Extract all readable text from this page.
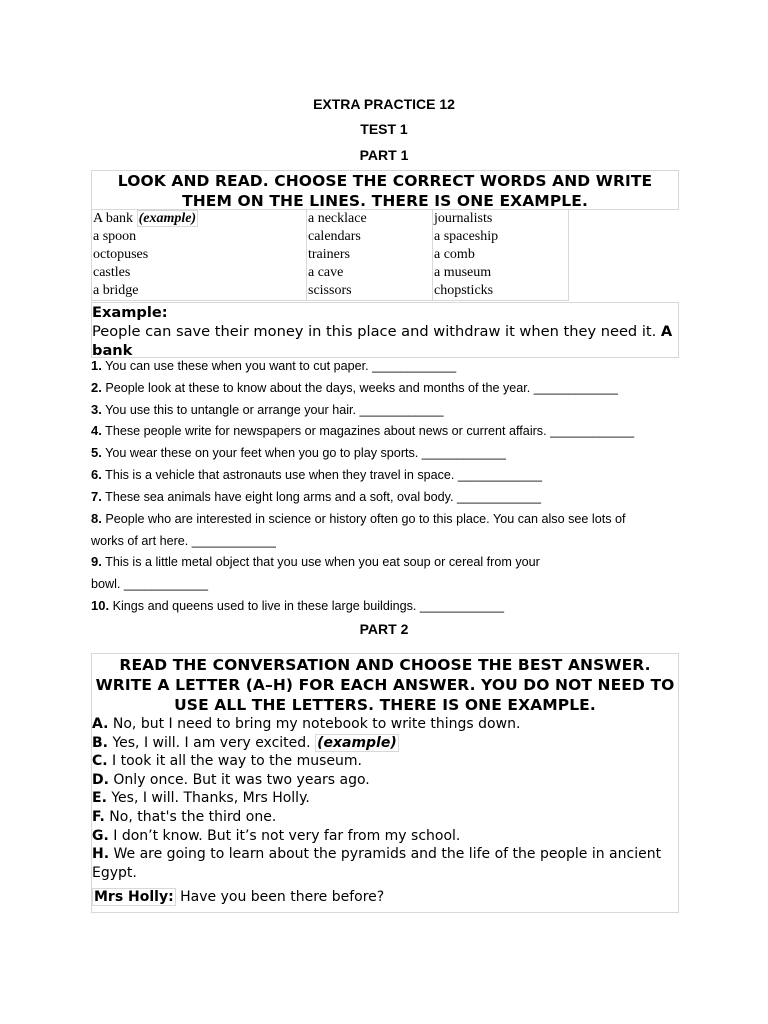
EXTRA PRACTICE 12
TEST 1
PART 1
LOOK AND READ. CHOOSE THE CORRECT WORDS AND WRITE THEM ON THE LINES. THERE IS ONE EXAMPLE.
A bank (example)	a necklace	journalists
a spoon	calendars	a spaceship
octopuses	trainers	a comb
castles	a cave	a museum
a bridge	scissors	chopsticks
Example:
People can save their money in this place and withdraw it when they need it. A bank
1. You can use these when you want to cut paper. ____________
2. People look at these to know about the days, weeks and months of the year. ____________
3. You use this to untangle or arrange your hair. ____________
4. These people write for newspapers or magazines about news or current affairs. ____________
5. You wear these on your feet when you go to play sports. ____________
6. This is a vehicle that astronauts use when they travel in space. ____________
7. These sea animals have eight long arms and a soft, oval body. ____________
8. People who are interested in science or history often go to this place. You can also see lots of
works of art here. ____________
9. This is a little metal object that you use when you eat soup or cereal from your
bowl. ____________
10. Kings and queens used to live in these large buildings. ____________
PART 2
READ THE CONVERSATION AND CHOOSE THE BEST ANSWER. WRITE A LETTER (A–H) FOR EACH ANSWER. YOU DO NOT NEED TO USE ALL THE LETTERS. THERE IS ONE EXAMPLE.
A. No, but I need to bring my notebook to write things down.
B. Yes, I will. I am very excited. (example)
C. I took it all the way to the museum.
D. Only once. But it was two years ago.
E. Yes, I will. Thanks, Mrs Holly.
F. No, that's the third one.
G. I don’t know. But it’s not very far from my school.
H. We are going to learn about the pyramids and the life of the people in ancient Egypt.
Mrs Holly: Have you been there before?
